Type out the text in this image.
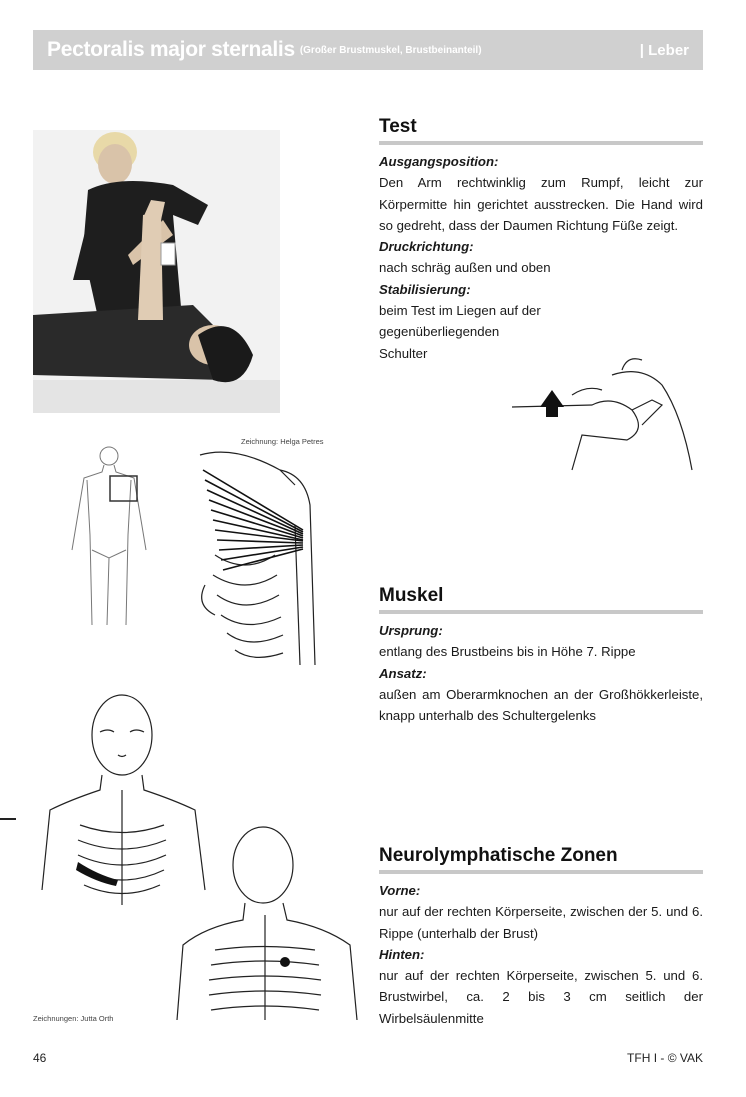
Pectoralis major sternalis (Großer Brustmuskel, Brustbeinanteil)	| Leber
Zeichnung: Helga Petres
Zeichnungen: Jutta Orth
Test
Ausgangsposition:
Den Arm rechtwinklig zum Rumpf, leicht zur Körpermitte hin gerichtet ausstrecken. Die Hand wird so gedreht, dass der Daumen Richtung Füße zeigt.
Druckrichtung:
nach schräg außen und oben
Stabilisierung:
beim Test im Liegen auf der
gegenüberliegenden
Schulter
Muskel
Ursprung:
entlang des Brustbeins bis in Höhe 7. Rippe
Ansatz:
außen am Oberarmknochen an der Großhökkerleiste, knapp unterhalb des Schultergelenks
Neurolymphatische Zonen
Vorne:
nur auf der rechten Körperseite, zwischen der 5. und 6. Rippe (unterhalb der Brust)
Hinten:
nur auf der rechten Körperseite, zwischen 5. und 6. Brustwirbel, ca. 2 bis 3 cm seitlich der Wirbelsäulenmitte
46	TFH I - © VAK
